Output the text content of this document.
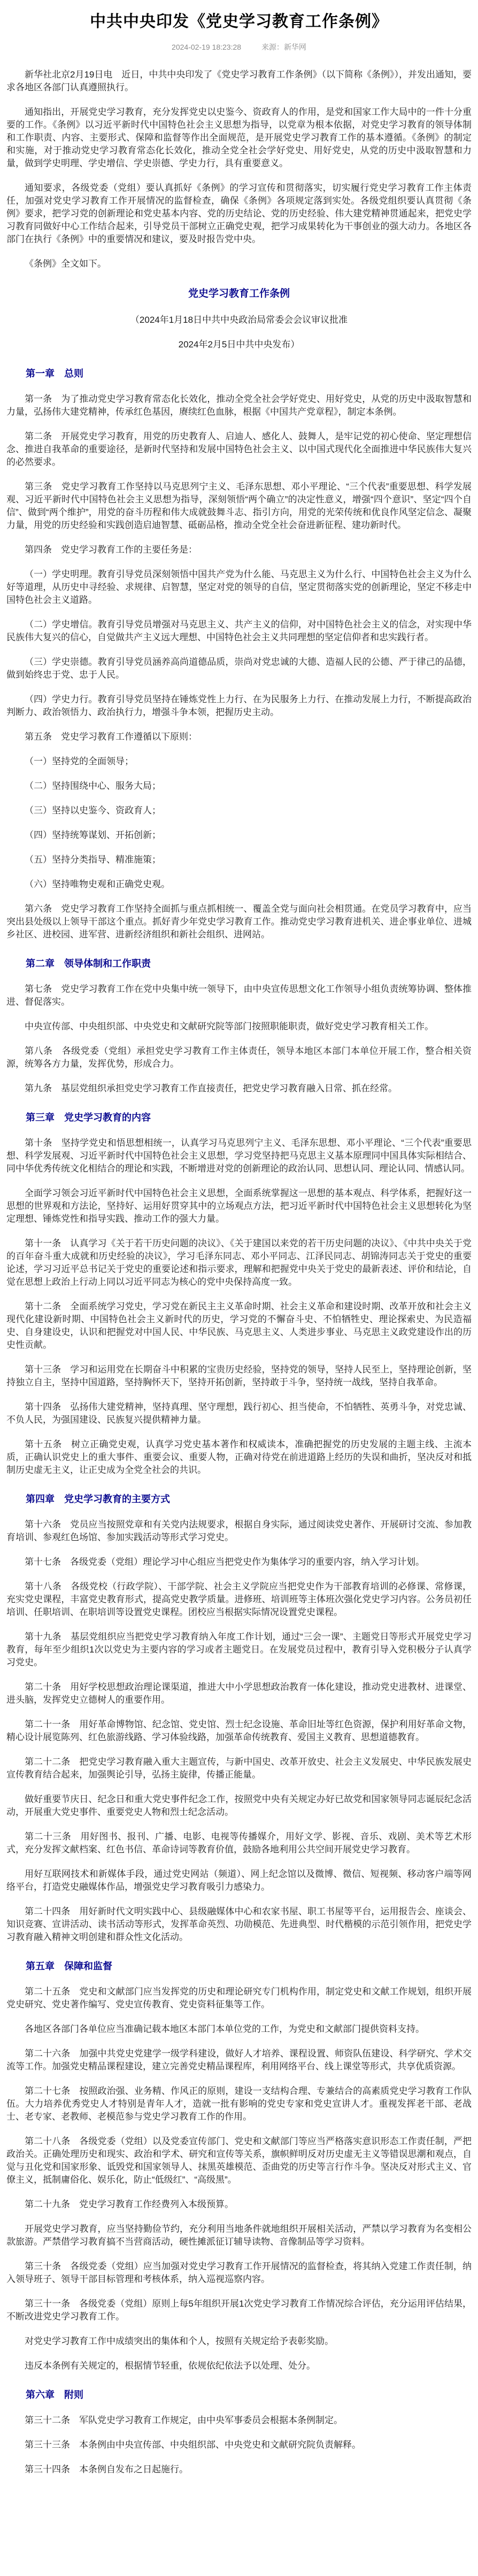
中共中央印发《党史学习教育工作条例》
2024-02-19 18:23:28	来源：新华网

新华社北京2月19日电　近日，中共中央印发了《党史学习教育工作条例》（以下简称《条例》），并发出通知，要求各地区各部门认真遵照执行。

通知指出，开展党史学习教育，充分发挥党史以史鉴今、资政育人的作用，是党和国家工作大局中的一件十分重要的工作。《条例》以习近平新时代中国特色社会主义思想为指导，以党章为根本依据，对党史学习教育的领导体制和工作职责、内容、主要形式、保障和监督等作出全面规范，是开展党史学习教育工作的基本遵循。《条例》的制定和实施，对于推动党史学习教育常态化长效化，推动全党全社会学好党史、用好党史，从党的历史中汲取智慧和力量，做到学史明理、学史增信、学史崇德、学史力行，具有重要意义。

通知要求，各级党委（党组）要认真抓好《条例》的学习宣传和贯彻落实，切实履行党史学习教育工作主体责任，加强对党史学习教育工作开展情况的监督检查，确保《条例》各项规定落到实处。各级党组织要认真贯彻《条例》要求，把学习党的创新理论和党史基本内容、党的历史结论、党的历史经验、伟大建党精神贯通起来，把党史学习教育同做好中心工作结合起来，引导党员干部树立正确党史观，把学习成果转化为干事创业的强大动力。各地区各部门在执行《条例》中的重要情况和建议，要及时报告党中央。

《条例》全文如下。

党史学习教育工作条例

（2024年1月18日中共中央政治局常委会会议审议批准

2024年2月5日中共中央发布）

第一章　总则

第一条　为了推动党史学习教育常态化长效化，推动全党全社会学好党史、用好党史，从党的历史中汲取智慧和力量，弘扬伟大建党精神，传承红色基因，赓续红色血脉，根据《中国共产党章程》，制定本条例。

第二条　开展党史学习教育，用党的历史教育人、启迪人、感化人、鼓舞人，是牢记党的初心使命、坚定理想信念、推进自我革命的重要途径，是新时代坚持和发展中国特色社会主义、以中国式现代化全面推进中华民族伟大复兴的必然要求。

第三条　党史学习教育工作坚持以马克思列宁主义、毛泽东思想、邓小平理论、“三个代表”重要思想、科学发展观、习近平新时代中国特色社会主义思想为指导，深刻领悟“两个确立”的决定性意义，增强“四个意识”、坚定“四个自信”、做到“两个维护”，用党的奋斗历程和伟大成就鼓舞斗志、指引方向，用党的光荣传统和优良作风坚定信念、凝聚力量，用党的历史经验和实践创造启迪智慧、砥砺品格，推动全党全社会奋进新征程、建功新时代。

第四条　党史学习教育工作的主要任务是：

（一）学史明理。教育引导党员深刻领悟中国共产党为什么能、马克思主义为什么行、中国特色社会主义为什么好等道理，从历史中寻经验、求规律、启智慧，坚定对党的领导的自信，坚定贯彻落实党的创新理论，坚定不移走中国特色社会主义道路。

（二）学史增信。教育引导党员增强对马克思主义、共产主义的信仰，对中国特色社会主义的信念，对实现中华民族伟大复兴的信心，自觉做共产主义远大理想、中国特色社会主义共同理想的坚定信仰者和忠实践行者。

（三）学史崇德。教育引导党员涵养高尚道德品质，崇尚对党忠诚的大德、造福人民的公德、严于律己的品德，做到始终忠于党、忠于人民。

（四）学史力行。教育引导党员坚持在锤炼党性上力行、在为民服务上力行、在推动发展上力行，不断提高政治判断力、政治领悟力、政治执行力，增强斗争本领，把握历史主动。

第五条　党史学习教育工作遵循以下原则：

（一）坚持党的全面领导；

（二）坚持围绕中心、服务大局；

（三）坚持以史鉴今、资政育人；

（四）坚持统筹谋划、开拓创新；

（五）坚持分类指导、精准施策；

（六）坚持唯物史观和正确党史观。

第六条　党史学习教育工作坚持全面抓与重点抓相统一、覆盖全党与面向社会相贯通。在党员学习教育中，应当突出县处级以上领导干部这个重点。抓好青少年党史学习教育工作。推动党史学习教育进机关、进企事业单位、进城乡社区、进校园、进军营、进新经济组织和新社会组织、进网站。

第二章　领导体制和工作职责

第七条　党史学习教育工作在党中央集中统一领导下，由中央宣传思想文化工作领导小组负责统筹协调、整体推进、督促落实。

中央宣传部、中央组织部、中央党史和文献研究院等部门按照职能职责，做好党史学习教育相关工作。

第八条　各级党委（党组）承担党史学习教育工作主体责任，领导本地区本部门本单位开展工作，整合相关资源，统筹各方力量，发挥优势，形成合力。

第九条　基层党组织承担党史学习教育工作直接责任，把党史学习教育融入日常、抓在经常。

第三章　党史学习教育的内容

第十条　坚持学党史和悟思想相统一，认真学习马克思列宁主义、毛泽东思想、邓小平理论、“三个代表”重要思想、科学发展观、习近平新时代中国特色社会主义思想，学习党坚持把马克思主义基本原理同中国具体实际相结合、同中华优秀传统文化相结合的理论和实践，不断增进对党的创新理论的政治认同、思想认同、理论认同、情感认同。

全面学习领会习近平新时代中国特色社会主义思想，全面系统掌握这一思想的基本观点、科学体系，把握好这一思想的世界观和方法论，坚持好、运用好贯穿其中的立场观点方法，把习近平新时代中国特色社会主义思想转化为坚定理想、锤炼党性和指导实践、推动工作的强大力量。

第十一条　认真学习《关于若干历史问题的决议》、《关于建国以来党的若干历史问题的决议》、《中共中央关于党的百年奋斗重大成就和历史经验的决议》，学习毛泽东同志、邓小平同志、江泽民同志、胡锦涛同志关于党史的重要论述，学习习近平总书记关于党史的重要论述和指示要求，理解和把握党中央关于党史的最新表述、评价和结论，自觉在思想上政治上行动上同以习近平同志为核心的党中央保持高度一致。

第十二条　全面系统学习党史，学习党在新民主主义革命时期、社会主义革命和建设时期、改革开放和社会主义现代化建设新时期、中国特色社会主义新时代的历史，学习党的不懈奋斗史、不怕牺牲史、理论探索史、为民造福史、自身建设史，认识和把握党对中国人民、中华民族、马克思主义、人类进步事业、马克思主义政党建设作出的历史性贡献。

第十三条　学习和运用党在长期奋斗中积累的宝贵历史经验，坚持党的领导，坚持人民至上，坚持理论创新，坚持独立自主，坚持中国道路，坚持胸怀天下，坚持开拓创新，坚持敢于斗争，坚持统一战线，坚持自我革命。

第十四条　弘扬伟大建党精神，坚持真理、坚守理想，践行初心、担当使命，不怕牺牲、英勇斗争，对党忠诚、不负人民，为强国建设、民族复兴提供精神力量。

第十五条　树立正确党史观，认真学习党史基本著作和权威读本，准确把握党的历史发展的主题主线、主流本质，正确认识党史上的重大事件、重要会议、重要人物，正确对待党在前进道路上经历的失误和曲折，坚决反对和抵制历史虚无主义，让正史成为全党全社会的共识。

第四章　党史学习教育的主要方式

第十六条　党员应当按照党章和有关党内法规要求，根据自身实际，通过阅读党史著作、开展研讨交流、参加教育培训、参观红色场馆、参加实践活动等形式学习党史。

第十七条　各级党委（党组）理论学习中心组应当把党史作为集体学习的重要内容，纳入学习计划。

第十八条　各级党校（行政学院）、干部学院、社会主义学院应当把党史作为干部教育培训的必修课、常修课，充实党史课程，丰富党史教育形式，提高党史教学质量。进修班、培训班等主体班次强化党史学习内容。公务员初任培训、任职培训、在职培训等设置党史课程。团校应当根据实际情况设置党史课程。

第十九条　基层党组织应当把党史学习教育纳入年度工作计划，通过“三会一课”、主题党日等形式开展党史学习教育，每年至少组织1次以党史为主要内容的学习或者主题党日。在发展党员过程中，教育引导入党积极分子认真学习党史。

第二十条　用好学校思想政治理论课渠道，推进大中小学思想政治教育一体化建设，推动党史进教材、进课堂、进头脑，发挥党史立德树人的重要作用。

第二十一条　用好革命博物馆、纪念馆、党史馆、烈士纪念设施、革命旧址等红色资源，保护利用好革命文物，精心设计展览陈列、红色旅游线路、学习体验线路，加强革命传统教育、爱国主义教育、思想道德教育。

第二十二条　把党史学习教育融入重大主题宣传，与新中国史、改革开放史、社会主义发展史、中华民族发展史宣传教育结合起来，加强舆论引导，弘扬主旋律，传播正能量。

做好重要节庆日、纪念日和重大党史事件纪念工作，按照党中央有关规定办好已故党和国家领导同志诞辰纪念活动，开展重大党史事件、重要党史人物和烈士纪念活动。

第二十三条　用好图书、报刊、广播、电影、电视等传播媒介，用好文学、影视、音乐、戏剧、美术等艺术形式，充分发挥文献档案、红色书信、革命诗词等教育价值，鼓励各地利用公共空间开展党史学习教育。

用好互联网技术和新媒体手段，通过党史网站（频道）、网上纪念馆以及微博、微信、短视频、移动客户端等网络平台，打造党史融媒体作品，增强党史学习教育吸引力感染力。

第二十四条　用好新时代文明实践中心、县级融媒体中心和农家书屋、职工书屋等平台，运用报告会、座谈会、知识竞赛、宣讲活动、读书活动等形式，发挥革命英烈、功勋模范、先进典型、时代楷模的示范引领作用，把党史学习教育融入精神文明创建和群众性文化活动。

第五章　保障和监督

第二十五条　党史和文献部门应当发挥党的历史和理论研究专门机构作用，制定党史和文献工作规划，组织开展党史研究、党史著作编写、党史宣传教育、党史资料征集等工作。

各地区各部门各单位应当准确记载本地区本部门本单位党的工作，为党史和文献部门提供资料支持。

第二十六条　加强中共党史党建学一级学科建设，做好人才培养、课程设置、师资队伍建设、科学研究、学术交流等工作。加强党史精品课程建设，建立完善党史精品课程库，利用网络平台、线上课堂等形式，共享优质资源。

第二十七条　按照政治强、业务精、作风正的原则，建设一支结构合理、专兼结合的高素质党史学习教育工作队伍。大力培养优秀党史人才特别是青年人才，造就一批有影响的党史专家和党史宣讲人才。重视发挥老干部、老战士、老专家、老教师、老模范参与党史学习教育工作的作用。

第二十八条　各级党委（党组）以及党委宣传部门、党史和文献部门等应当严格落实意识形态工作责任制，严把政治关。正确处理历史和现实、政治和学术、研究和宣传等关系，旗帜鲜明反对历史虚无主义等错误思潮和观点，自觉与丑化党和国家形象、诋毁党和国家领导人、抹黑英雄模范、歪曲党的历史等言行作斗争。坚决反对形式主义、官僚主义，抵制庸俗化、娱乐化，防止“低级红”、“高级黑”。

第二十九条　党史学习教育工作经费列入本级预算。

开展党史学习教育，应当坚持勤俭节约，充分利用当地条件就地组织开展相关活动，严禁以学习教育为名变相公款旅游。严禁借学习教育搞不当营商活动，硬性摊派征订辅导读物、音像制品等学习资料。

第三十条　各级党委（党组）应当加强对党史学习教育工作开展情况的监督检查，将其纳入党建工作责任制，纳入领导班子、领导干部目标管理和考核体系，纳入巡视巡察内容。

第三十一条　各级党委（党组）原则上每5年组织开展1次党史学习教育工作情况综合评估，充分运用评估结果，不断改进党史学习教育工作。

对党史学习教育工作中成绩突出的集体和个人，按照有关规定给予表彰奖励。

违反本条例有关规定的，根据情节轻重，依规依纪依法予以处理、处分。

第六章　附则

第三十二条　军队党史学习教育工作规定，由中央军事委员会根据本条例制定。

第三十三条　本条例由中央宣传部、中央组织部、中央党史和文献研究院负责解释。

第三十四条　本条例自发布之日起施行。
